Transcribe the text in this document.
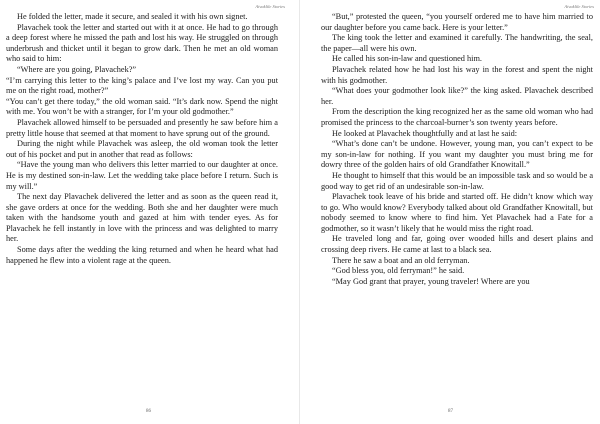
Aivaklile Stories

He folded the letter, made it secure, and sealed it with his own signet.

Plavachek took the letter and started out with it at once. He had to go through a deep forest where he missed the path and lost his way. He struggled on through underbrush and thicket until it began to grow dark. Then he met an old woman who said to him:

“Where are you going, Plavachek?”

“I’m carrying this letter to the king’s palace and I’ve lost my way. Can you put me on the right road, mother?”

“You can’t get there today,” the old woman said. “It’s dark now. Spend the night with me. You won’t be with a stranger, for I’m your old godmother.”

Plavachek allowed himself to be persuaded and presently he saw before him a pretty little house that seemed at that moment to have sprung out of the ground.

During the night while Plavachek was asleep, the old woman took the letter out of his pocket and put in another that read as follows:

“Have the young man who delivers this letter married to our daughter at once. He is my destined son-in-law. Let the wedding take place before I return. Such is my will.”

The next day Plavachek delivered the letter and as soon as the queen read it, she gave orders at once for the wedding. Both she and her daughter were much taken with the handsome youth and gazed at him with tender eyes. As for Plavachek he fell instantly in love with the princess and was delighted to marry her.

Some days after the wedding the king returned and when he heard what had happened he flew into a violent rage at the queen.

86
Aivaklile Stories

“But,” protested the queen, “you yourself ordered me to have him married to our daughter before you came back. Here is your letter.”

The king took the letter and examined it carefully. The handwriting, the seal, the paper—all were his own.

He called his son-in-law and questioned him.

Plavachek related how he had lost his way in the forest and spent the night with his godmother.

“What does your godmother look like?” the king asked. Plavachek described her.

From the description the king recognized her as the same old woman who had promised the princess to the charcoal-burner’s son twenty years before.

He looked at Plavachek thoughtfully and at last he said:

“What’s done can’t be undone. However, young man, you can’t expect to be my son-in-law for nothing. If you want my daughter you must bring me for dowry three of the golden hairs of old Grandfather Knowitall.”

He thought to himself that this would be an impossible task and so would be a good way to get rid of an undesirable son-in-law.

Plavachek took leave of his bride and started off. He didn’t know which way to go. Who would know? Everybody talked about old Grandfather Knowitall, but nobody seemed to know where to find him. Yet Plavachek had a Fate for a godmother, so it wasn’t likely that he would miss the right road.

He traveled long and far, going over wooded hills and desert plains and crossing deep rivers. He came at last to a black sea.

There he saw a boat and an old ferryman.

“God bless you, old ferryman!” he said.

“May God grant that prayer, young traveler! Where are you

87
